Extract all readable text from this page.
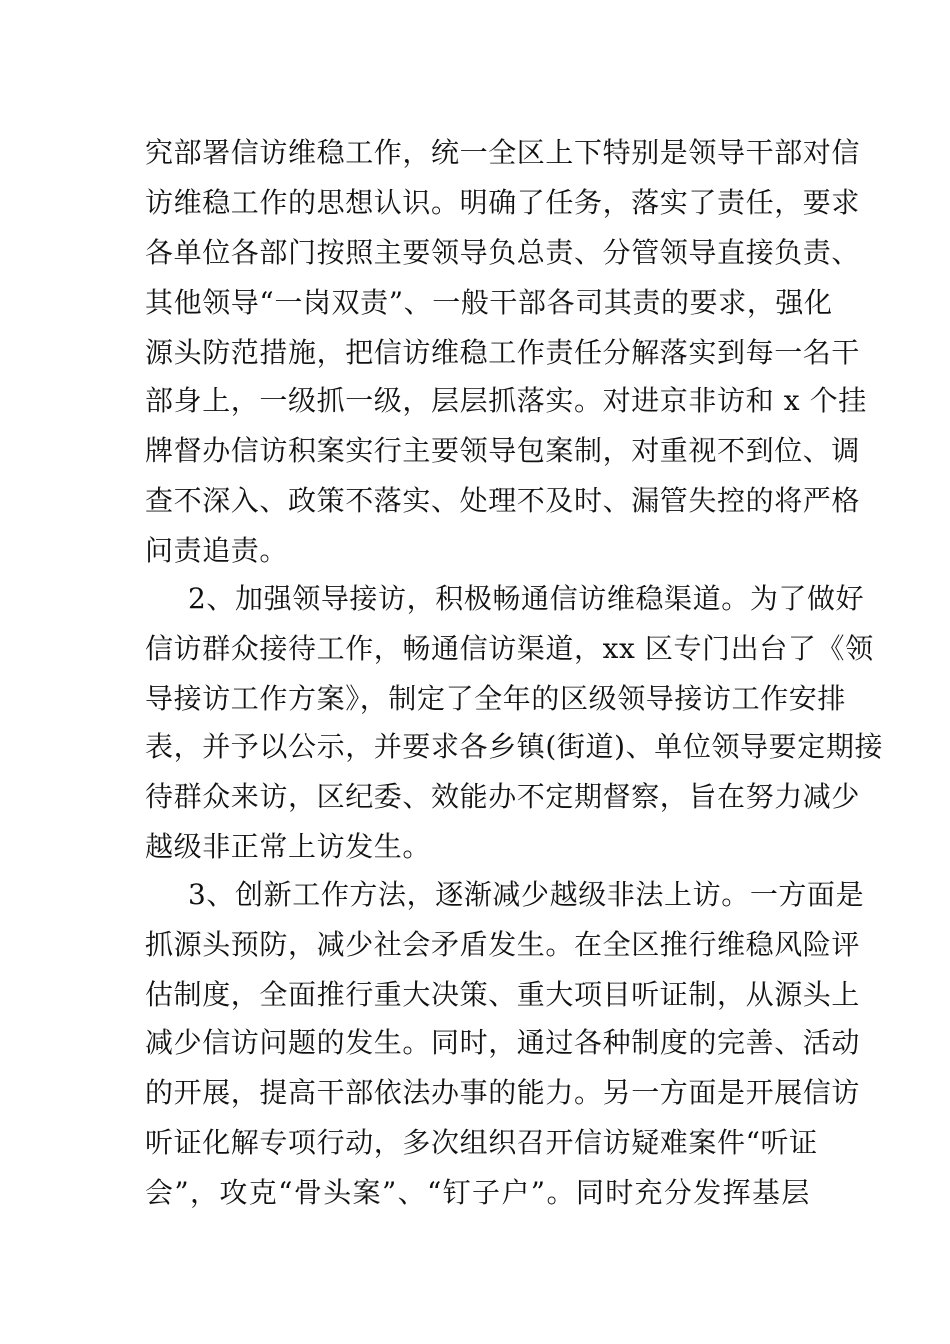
究部署信访维稳工作，统一全区上下特别是领导干部对信
访维稳工作的思想认识。明确了任务，落实了责任，要求
各单位各部门按照主要领导负总责、分管领导直接负责、
其他领导“一岗双责”、一般干部各司其责的要求，强化
源头防范措施，把信访维稳工作责任分解落实到每一名干
部身上，一级抓一级，层层抓落实。对进京非访和 x 个挂
牌督办信访积案实行主要领导包案制，对重视不到位、调
查不深入、政策不落实、处理不及时、漏管失控的将严格
问责追责。
2、加强领导接访，积极畅通信访维稳渠道。为了做好
信访群众接待工作，畅通信访渠道，xx 区专门出台了《领
导接访工作方案》，制定了全年的区级领导接访工作安排
表，并予以公示，并要求各乡镇(街道)、单位领导要定期接
待群众来访，区纪委、效能办不定期督察，旨在努力减少
越级非正常上访发生。
3、创新工作方法，逐渐减少越级非法上访。一方面是
抓源头预防，减少社会矛盾发生。在全区推行维稳风险评
估制度，全面推行重大决策、重大项目听证制，从源头上
减少信访问题的发生。同时，通过各种制度的完善、活动
的开展，提高干部依法办事的能力。另一方面是开展信访
听证化解专项行动，多次组织召开信访疑难案件“听证
会”，攻克“骨头案”、“钉子户”。同时充分发挥基层
